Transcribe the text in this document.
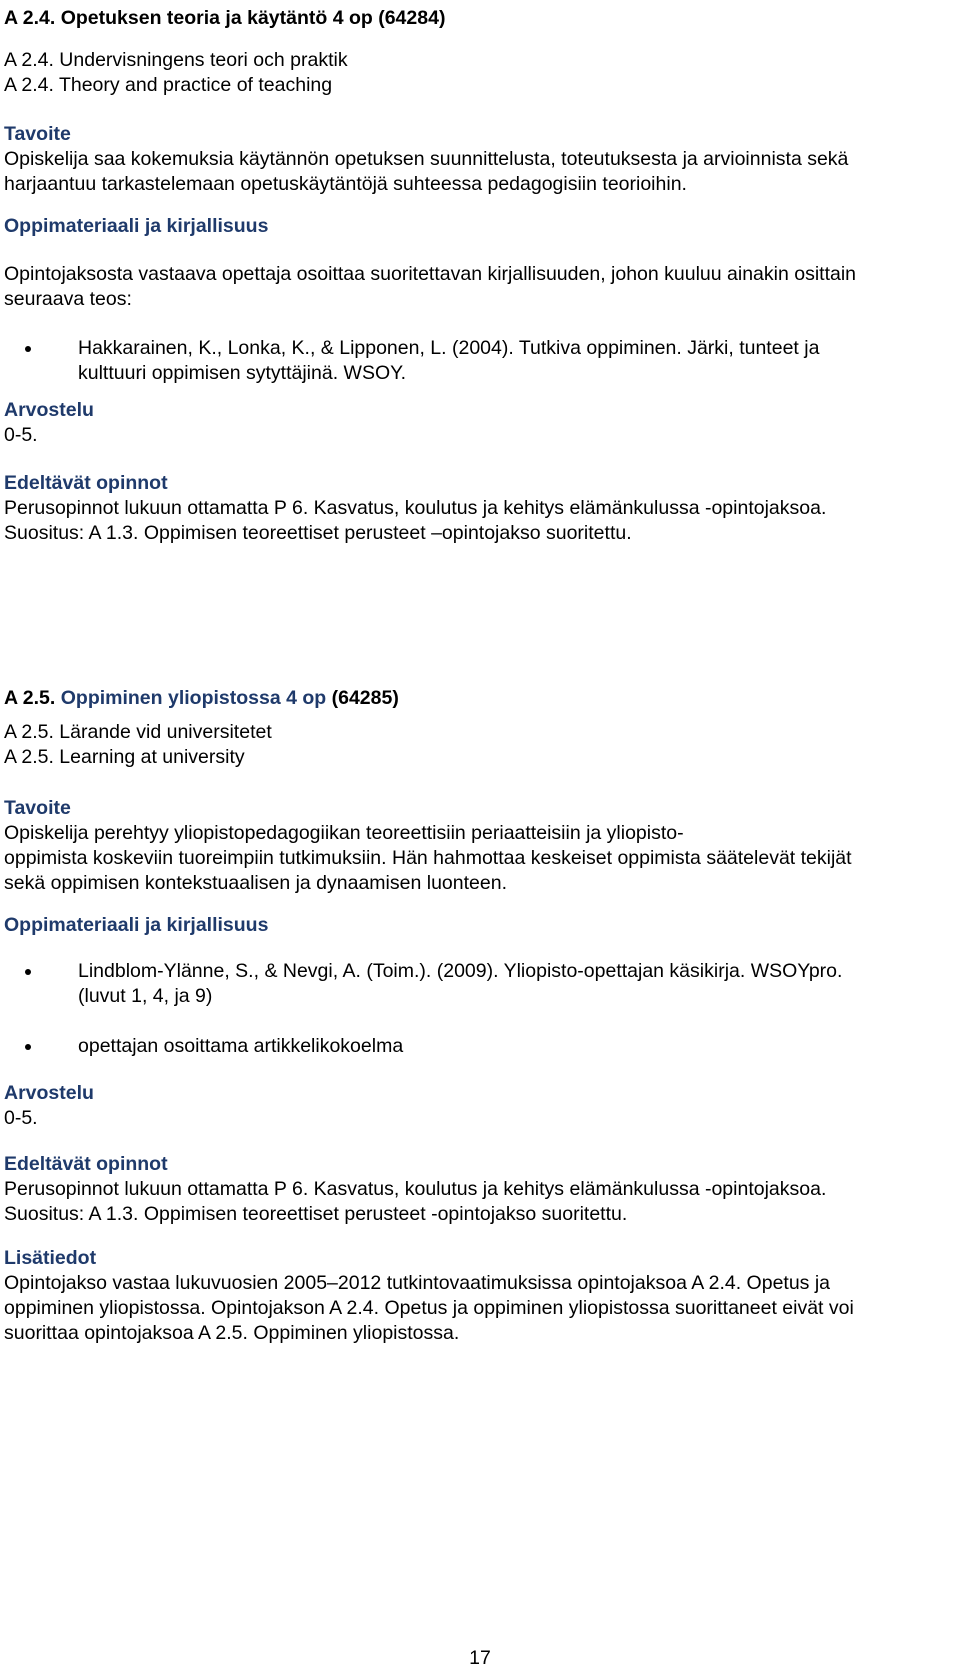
A 2.4. Opetuksen teoria ja käytäntö 4 op (64284)
A 2.4. Undervisningens teori och praktik
A 2.4. Theory and practice of teaching
Tavoite
Opiskelija saa kokemuksia käytännön opetuksen suunnittelusta, toteutuksesta ja arvioinnista sekä
harjaantuu tarkastelemaan opetuskäytäntöjä suhteessa pedagogisiin teorioihin.
Oppimateriaali ja kirjallisuus
Opintojaksosta vastaava opettaja osoittaa suoritettavan kirjallisuuden, johon kuuluu ainakin osittain
seuraava teos:
Hakkarainen, K., Lonka, K., & Lipponen, L. (2004). Tutkiva oppiminen. Järki, tunteet ja
kulttuuri oppimisen sytyttäjinä. WSOY.
Arvostelu
0-5.
Edeltävät opinnot
Perusopinnot lukuun ottamatta P 6. Kasvatus, koulutus ja kehitys elämänkulussa -opintojaksoa.
Suositus: A 1.3. Oppimisen teoreettiset perusteet –opintojakso suoritettu.
A 2.5. Oppiminen yliopistossa 4 op (64285)
A 2.5. Lärande vid universitetet
A 2.5. Learning at university
Tavoite
Opiskelija perehtyy yliopistopedagogiikan teoreettisiin periaatteisiin ja yliopisto-
oppimista koskeviin tuoreimpiin tutkimuksiin. Hän hahmottaa keskeiset oppimista säätelevät tekijät
sekä oppimisen kontekstuaalisen ja dynaamisen luonteen.
Oppimateriaali ja kirjallisuus
Lindblom-Ylänne, S., & Nevgi, A. (Toim.). (2009). Yliopisto-opettajan käsikirja. WSOYpro.
(luvut 1, 4, ja 9)
opettajan osoittama artikkelikokoelma
Arvostelu
0-5.
Edeltävät opinnot
Perusopinnot lukuun ottamatta P 6. Kasvatus, koulutus ja kehitys elämänkulussa -opintojaksoa.
Suositus: A 1.3. Oppimisen teoreettiset perusteet -opintojakso suoritettu.
Lisätiedot
Opintojakso vastaa lukuvuosien 2005–2012 tutkintovaatimuksissa opintojaksoa A 2.4. Opetus ja
oppiminen yliopistossa. Opintojakson A 2.4. Opetus ja oppiminen yliopistossa suorittaneet eivät voi
suorittaa opintojaksoa A 2.5. Oppiminen yliopistossa.
17
